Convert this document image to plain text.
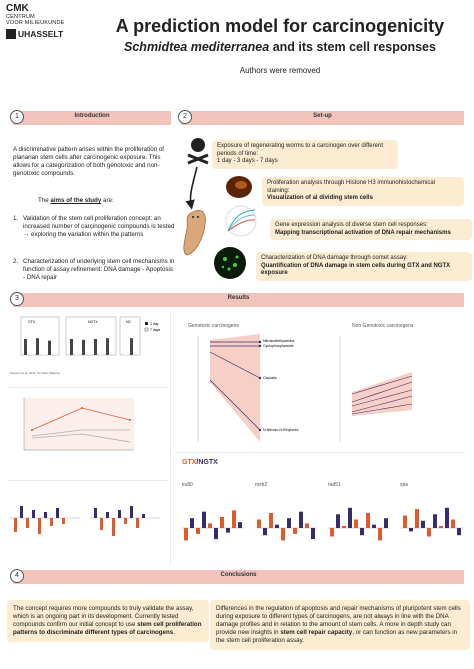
CMK
CENTRUM
VOOR MILIEUKUNDE
UHASSELT	A prediction model for carcinogenicity
Schmidtea mediterranea and its stem cell responses
Authors were removed
1	Introduction	2	Set-up
A discriminative pattern arises within the proliferation of planarian stem cells after carcinogenic exposure. This allows for a categorization of both genotoxic and non-genotoxic compounds.
The aims of the study are:
1. Validation of the stem cell proliferation concept: an increased number of carcinogenic compounds is tested → exploring the variation within the patterns
2. Characterization of underlying stem cell mechanisms in function of assay refinement: DNA damage - Apoptosis - DNA repair
Exposure of regenerating worms to a carcinogen over different periods of time:
1 day - 3 days - 7 days
Proliferation analysis through Histone H3 immunohistochemical staining:
Visualization of al dividing stem cells
Gene expression analysis of diverse stem cell responses:
Mapping transcriptional activation of DNA repair mechanisms
Characterization of DNA damage through comet assay:
Quantification of DNA damage in stem cells during GTX and NGTX exposure
3	Results
GTX	NGTX	NC	1 day
7 days
Stevens et al. 2017, Sci Rep (Nature)
Genotoxic carcinogens	Non Genotoxic carcinogens
Nitrosodiethylamine
Cyclophosphamide
Cisplatin
N-Nitroso-N-Ethylurea
GTX/NGTX
ku80	msh2	rad51	xpa
4	Conclusions
The concept requires more compounds to truly validate the assay, which is an ongoing part in its development. Currently tested compounds confirm our initial concept to use stem cell proliferation patterns to discriminate different types of carcinogens.
Differences in the regulation of apoptosis and repair mechanisms of pluripotent stem cells during exposure to different types of carcinogens, are not always in line with the DNA damage profiles and in relation to the amount of stem cells. A more in depth study can provide new insights in stem cell repair capacity, or can function as new parameters in the stem cell proliferation assay.
